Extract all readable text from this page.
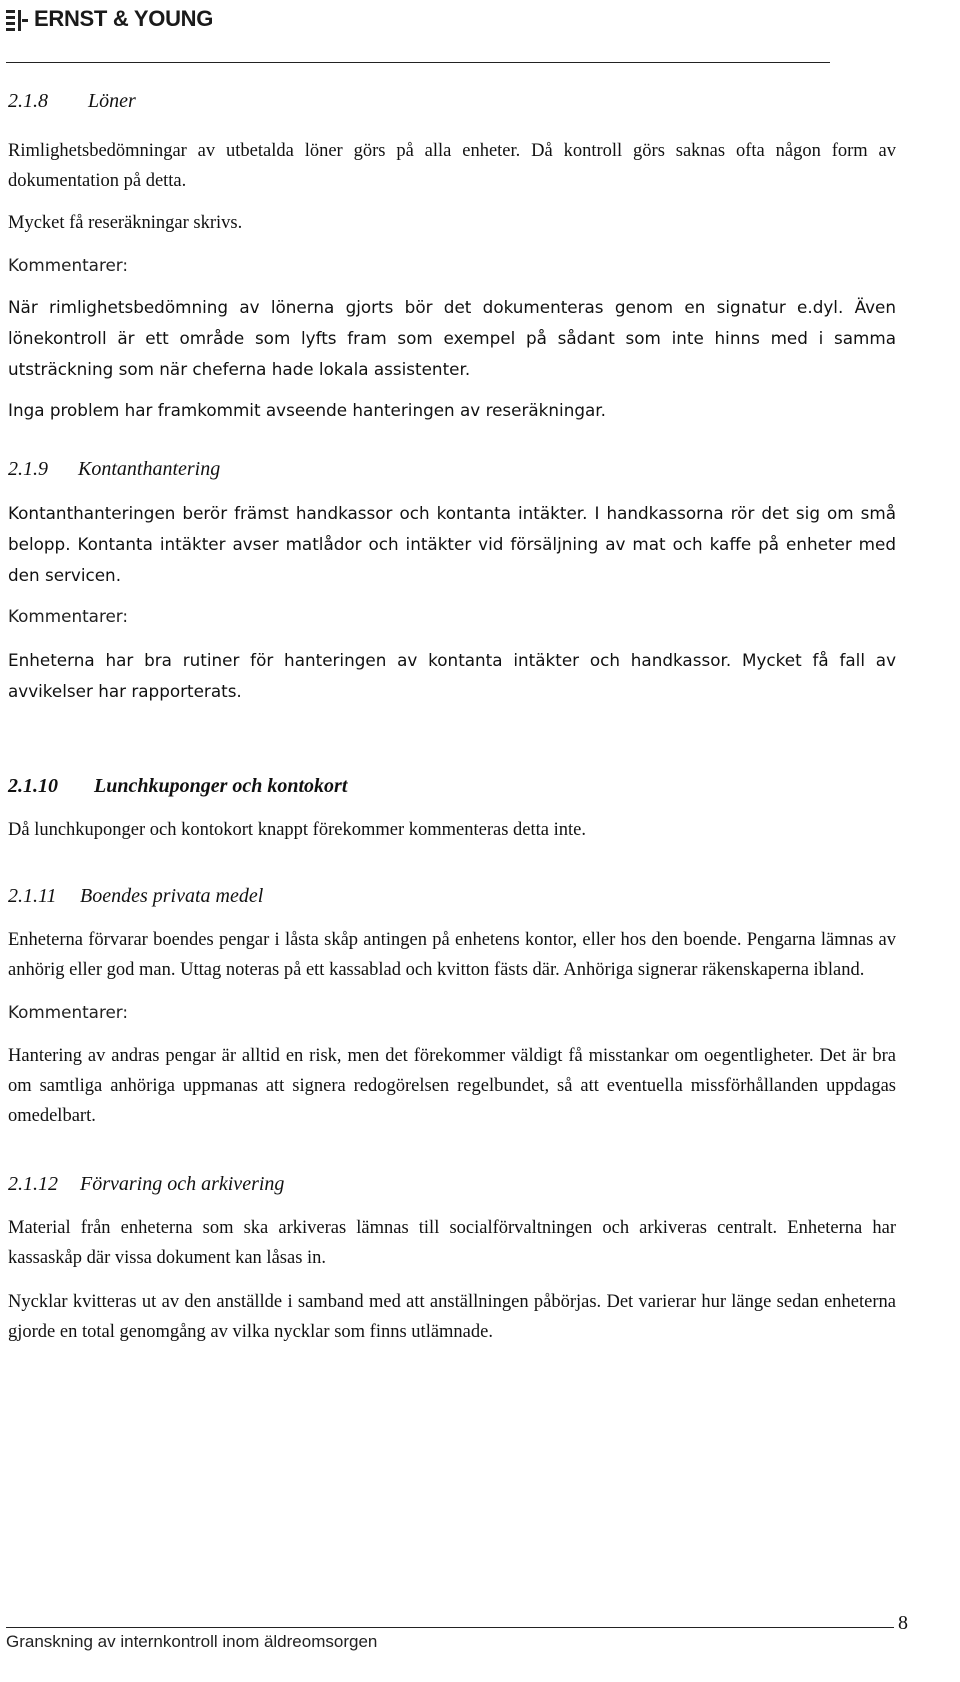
ERNST & YOUNG
2.1.8 Löner

Rimlighetsbedömningar av utbetalda löner görs på alla enheter. Då kontroll görs saknas ofta någon form av dokumentation på detta.

Mycket få reseräkningar skrivs.

Kommentarer:

När rimlighetsbedömning av lönerna gjorts bör det dokumenteras genom en signatur e.dyl. Även lönekontroll är ett område som lyfts fram som exempel på sådant som inte hinns med i samma utsträckning som när cheferna hade lokala assistenter.

Inga problem har framkommit avseende hanteringen av reseräkningar.

2.1.9 Kontanthantering

Kontanthanteringen berör främst handkassor och kontanta intäkter. I handkassorna rör det sig om små belopp. Kontanta intäkter avser matlådor och intäkter vid försäljning av mat och kaffe på enheter med den servicen.

Kommentarer:

Enheterna har bra rutiner för hanteringen av kontanta intäkter och handkassor. Mycket få fall av avvikelser har rapporterats.

2.1.10 Lunchkuponger och kontokort

Då lunchkuponger och kontokort knappt förekommer kommenteras detta inte.

2.1.11 Boendes privata medel

Enheterna förvarar boendes pengar i låsta skåp antingen på enhetens kontor, eller hos den boende. Pengarna lämnas av anhörig eller god man. Uttag noteras på ett kassablad och kvitton fästs där. Anhöriga signerar räkenskaperna ibland.

Kommentarer:

Hantering av andras pengar är alltid en risk, men det förekommer väldigt få misstankar om oegentligheter. Det är bra om samtliga anhöriga uppmanas att signera redogörelsen regelbundet, så att eventuella missförhållanden uppdagas omedelbart.

2.1.12 Förvaring och arkivering

Material från enheterna som ska arkiveras lämnas till socialförvaltningen och arkiveras centralt. Enheterna har kassaskåp där vissa dokument kan låsas in.

Nycklar kvitteras ut av den anställde i samband med att anställningen påbörjas. Det varierar hur länge sedan enheterna gjorde en total genomgång av vilka nycklar som finns utlämnade.

8
Granskning av internkontroll inom äldreomsorgen
